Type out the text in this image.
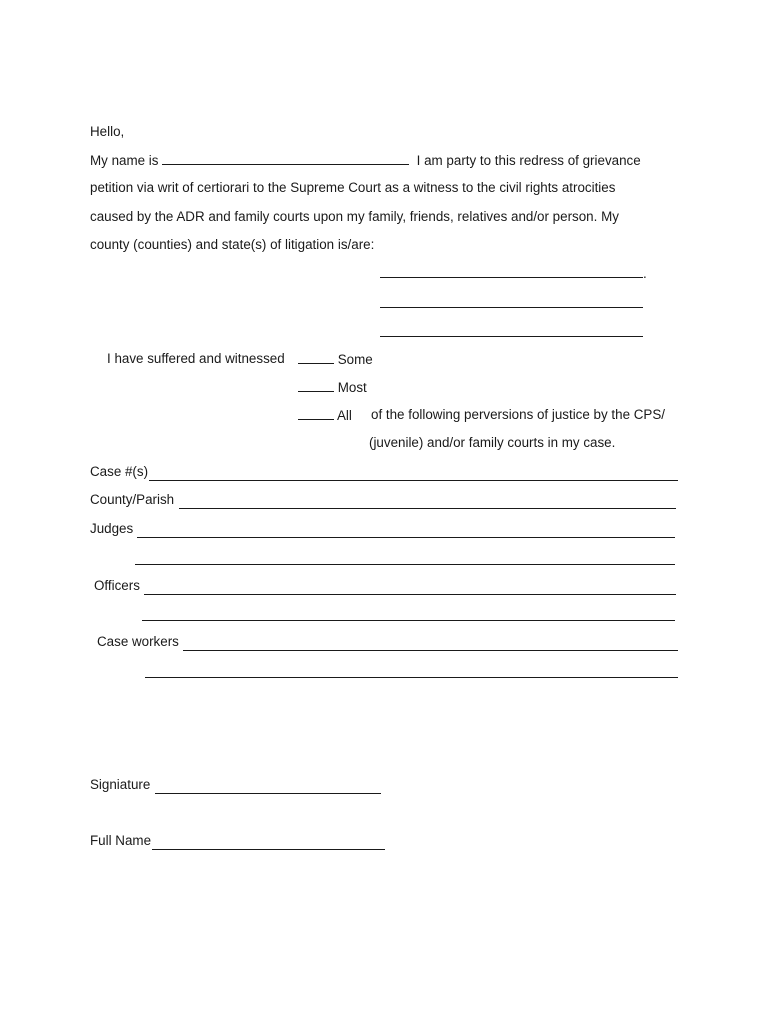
Hello,
My name is	I am party to this redress of grievance
petition via writ of certiorari to the Supreme Court as a witness to the civil rights atrocities
caused by the ADR and family courts upon my family, friends, relatives and/or person. My
county (counties) and state(s) of litigation is/are:
.
I have suffered and witnessed	Some
Most
All of the following perversions of justice by the CPS/
(juvenile) and/or family courts in my case.
Case #(s)
County/Parish
Judges
Officers
Case workers
Signiature
Full Name
